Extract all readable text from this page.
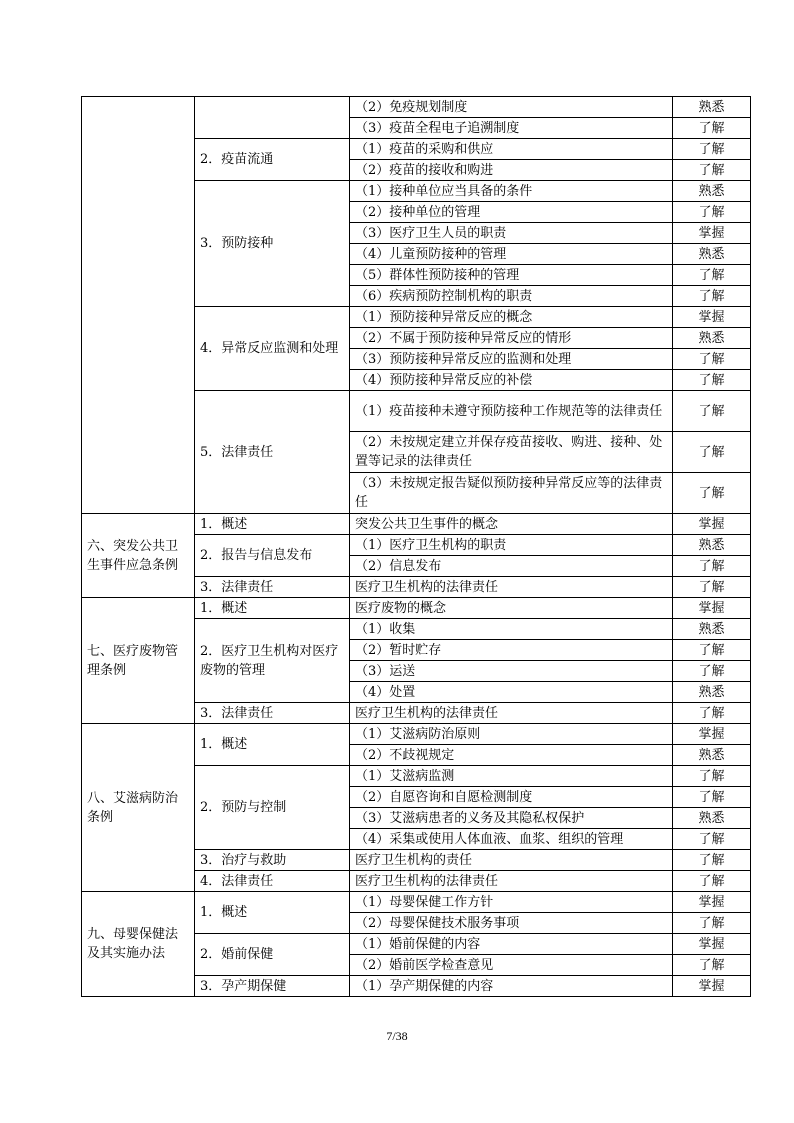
		（2）免疫规划制度	熟悉
		（3）疫苗全程电子追溯制度	了解
	2．疫苗流通	（1）疫苗的采购和供应	了解
		（2）疫苗的接收和购进	了解
	3．预防接种	（1）接种单位应当具备的条件	熟悉
		（2）接种单位的管理	了解
		（3）医疗卫生人员的职责	掌握
		（4）儿童预防接种的管理	熟悉
		（5）群体性预防接种的管理	了解
		（6）疾病预防控制机构的职责	了解
	4．异常反应监测和处理	（1）预防接种异常反应的概念	掌握
		（2）不属于预防接种异常反应的情形	熟悉
		（3）预防接种异常反应的监测和处理	了解
		（4）预防接种异常反应的补偿	了解
	5．法律责任	（1）疫苗接种未遵守预防接种工作规范等的法律责任	了解
		（2）未按规定建立并保存疫苗接收、购进、接种、处置等记录的法律责任	了解
		（3）未按规定报告疑似预防接种异常反应等的法律责任	了解
六、突发公共卫生事件应急条例	1．概述	突发公共卫生事件的概念	掌握
	2．报告与信息发布	（1）医疗卫生机构的职责	熟悉
		（2）信息发布	了解
	3．法律责任	医疗卫生机构的法律责任	了解
七、医疗废物管理条例	1．概述	医疗废物的概念	掌握
	2．医疗卫生机构对医疗废物的管理	（1）收集	熟悉
		（2）暂时贮存	了解
		（3）运送	了解
		（4）处置	熟悉
	3．法律责任	医疗卫生机构的法律责任	了解
八、艾滋病防治条例	1．概述	（1）艾滋病防治原则	掌握
		（2）不歧视规定	熟悉
	2．预防与控制	（1）艾滋病监测	了解
		（2）自愿咨询和自愿检测制度	了解
		（3）艾滋病患者的义务及其隐私权保护	熟悉
		（4）采集或使用人体血液、血浆、组织的管理	了解
	3．治疗与救助	医疗卫生机构的责任	了解
	4．法律责任	医疗卫生机构的法律责任	了解
九、母婴保健法及其实施办法	1．概述	（1）母婴保健工作方针	掌握
		（2）母婴保健技术服务事项	了解
	2．婚前保健	（1）婚前保健的内容	掌握
		（2）婚前医学检查意见	了解
	3．孕产期保健	（1）孕产期保健的内容	掌握
7/38
